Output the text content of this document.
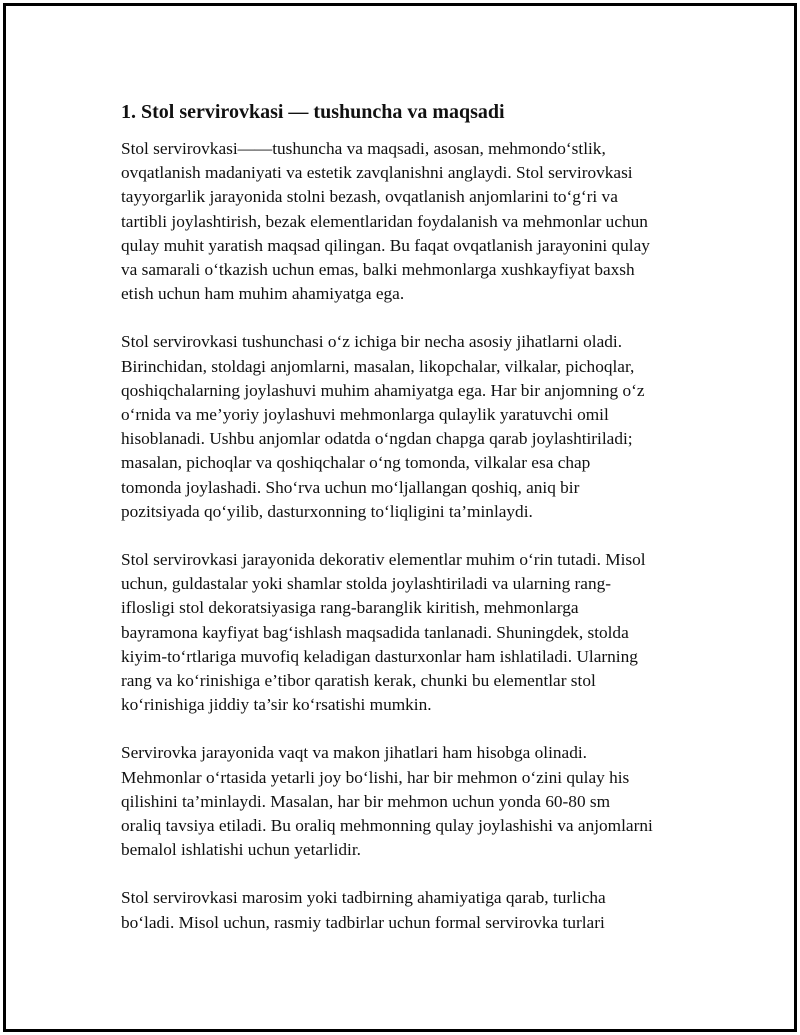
1. Stol servirovkasi — tushuncha va maqsadi

Stol servirovkasi——tushuncha va maqsadi, asosan, mehmondo‘stlik,
ovqatlanish madaniyati va estetik zavqlanishni anglaydi. Stol servirovkasi
tayyorgarlik jarayonida stolni bezash, ovqatlanish anjomlarini to‘g‘ri va
tartibli joylashtirish, bezak elementlaridan foydalanish va mehmonlar uchun
qulay muhit yaratish maqsad qilingan. Bu faqat ovqatlanish jarayonini qulay
va samarali o‘tkazish uchun emas, balki mehmonlarga xushkayfiyat baxsh
etish uchun ham muhim ahamiyatga ega.

Stol servirovkasi tushunchasi o‘z ichiga bir necha asosiy jihatlarni oladi.
Birinchidan, stoldagi anjomlarni, masalan, likopchalar, vilkalar, pichoqlar,
qoshiqchalarning joylashuvi muhim ahamiyatga ega. Har bir anjomning o‘z
o‘rnida va me’yoriy joylashuvi mehmonlarga qulaylik yaratuvchi omil
hisoblanadi. Ushbu anjomlar odatda o‘ngdan chapga qarab joylashtiriladi;
masalan, pichoqlar va qoshiqchalar o‘ng tomonda, vilkalar esa chap
tomonda joylashadi. Sho‘rva uchun mo‘ljallangan qoshiq, aniq bir
pozitsiyada qo‘yilib, dasturxonning to‘liqligini ta’minlaydi.

Stol servirovkasi jarayonida dekorativ elementlar muhim o‘rin tutadi. Misol
uchun, guldastalar yoki shamlar stolda joylashtiriladi va ularning rang-
iflosligi stol dekoratsiyasiga rang-baranglik kiritish, mehmonlarga
bayramona kayfiyat bag‘ishlash maqsadida tanlanadi. Shuningdek, stolda
kiyim-to‘rtlariga muvofiq keladigan dasturxonlar ham ishlatiladi. Ularning
rang va ko‘rinishiga e’tibor qaratish kerak, chunki bu elementlar stol
ko‘rinishiga jiddiy ta’sir ko‘rsatishi mumkin.

Servirovka jarayonida vaqt va makon jihatlari ham hisobga olinadi.
Mehmonlar o‘rtasida yetarli joy bo‘lishi, har bir mehmon o‘zini qulay his
qilishini ta’minlaydi. Masalan, har bir mehmon uchun yonda 60-80 sm
oraliq tavsiya etiladi. Bu oraliq mehmonning qulay joylashishi va anjomlarni
bemalol ishlatishi uchun yetarlidir.

Stol servirovkasi marosim yoki tadbirning ahamiyatiga qarab, turlicha
bo‘ladi. Misol uchun, rasmiy tadbirlar uchun formal servirovka turlari
